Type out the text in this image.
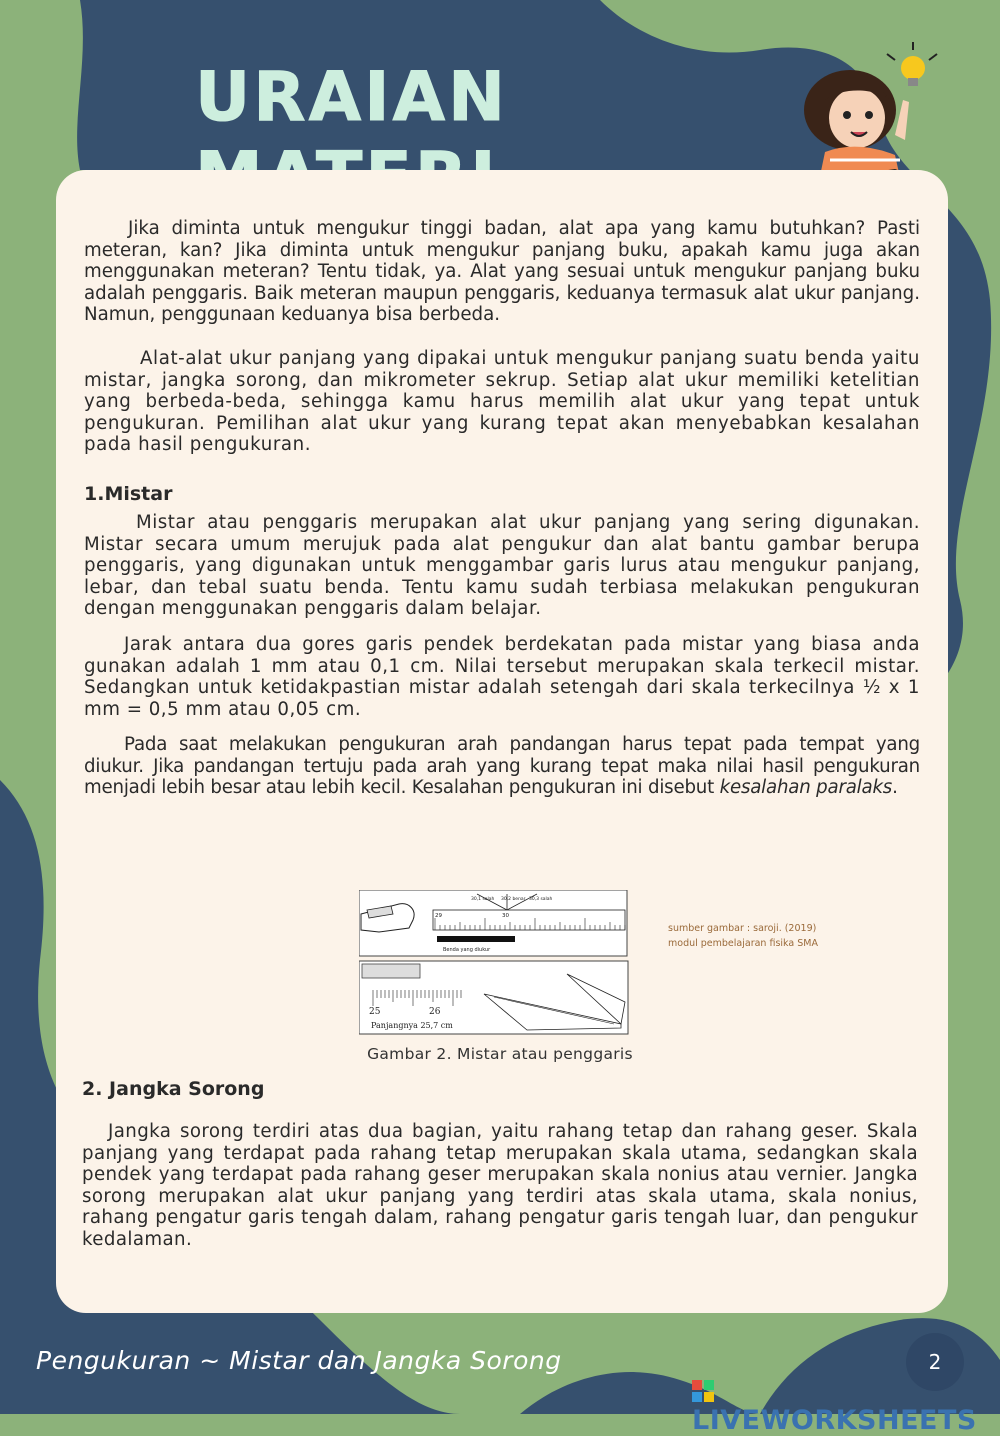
URAIAN

Jika diminta untuk mengukur tinggi badan, alat apa yang kamu butuhkan? Pasti meteran, kan? Jika diminta untuk mengukur panjang buku, apakah kamu juga akan menggunakan meteran? Tentu tidak, ya. Alat yang sesuai untuk mengukur panjang buku adalah penggaris. Baik meteran maupun penggaris, keduanya termasuk alat ukur panjang. Namun, penggunaan keduanya bisa berbeda.

Alat-alat ukur panjang yang dipakai untuk mengukur panjang suatu benda yaitu mistar, jangka sorong, dan mikrometer sekrup. Setiap alat ukur memiliki ketelitian yang berbeda-beda, sehingga kamu harus memilih alat ukur yang tepat untuk pengukuran. Pemilihan alat ukur yang kurang tepat akan menyebabkan kesalahan pada hasil pengukuran.

1.Mistar

Mistar atau penggaris merupakan alat ukur panjang yang sering digunakan. Mistar secara umum merujuk pada alat pengukur dan alat bantu gambar berupa penggaris, yang digunakan untuk menggambar garis lurus atau mengukur panjang, lebar, dan tebal suatu benda. Tentu kamu sudah terbiasa melakukan pengukuran dengan menggunakan penggaris dalam belajar.

Jarak antara dua gores garis pendek berdekatan pada mistar yang biasa anda gunakan adalah 1 mm atau 0,1 cm. Nilai tersebut merupakan skala terkecil mistar. Sedangkan untuk ketidakpastian mistar adalah setengah dari skala terkecilnya ½ x 1 mm = 0,5 mm atau 0,05 cm.

Pada saat melakukan pengukuran arah pandangan harus tepat pada tempat yang diukur. Jika pandangan tertuju pada arah yang kurang tepat maka nilai hasil pengukuran menjadi lebih besar atau lebih kecil. Kesalahan pengukuran ini disebut kesalahan paralaks.

30,1 salah 30,2 benar 30,3 salah
29	30
Benda yang diukur
25	26
Panjangnya 25,7 cm
sumber gambar : saroji. (2019) modul pembelajaran fisika SMA
Gambar 2. Mistar atau penggaris
2. Jangka Sorong

Jangka sorong terdiri atas dua bagian, yaitu rahang tetap dan rahang geser. Skala panjang yang terdapat pada rahang tetap merupakan skala utama, sedangkan skala pendek yang terdapat pada rahang geser merupakan skala nonius atau vernier. Jangka sorong merupakan alat ukur panjang yang terdiri atas skala utama, skala nonius, rahang pengatur garis tengah dalam, rahang pengatur garis tengah luar, dan pengukur kedalaman.

Pengukuran ~ Mistar dan Jangka Sorong	2
LIVEWORKSHEETS
